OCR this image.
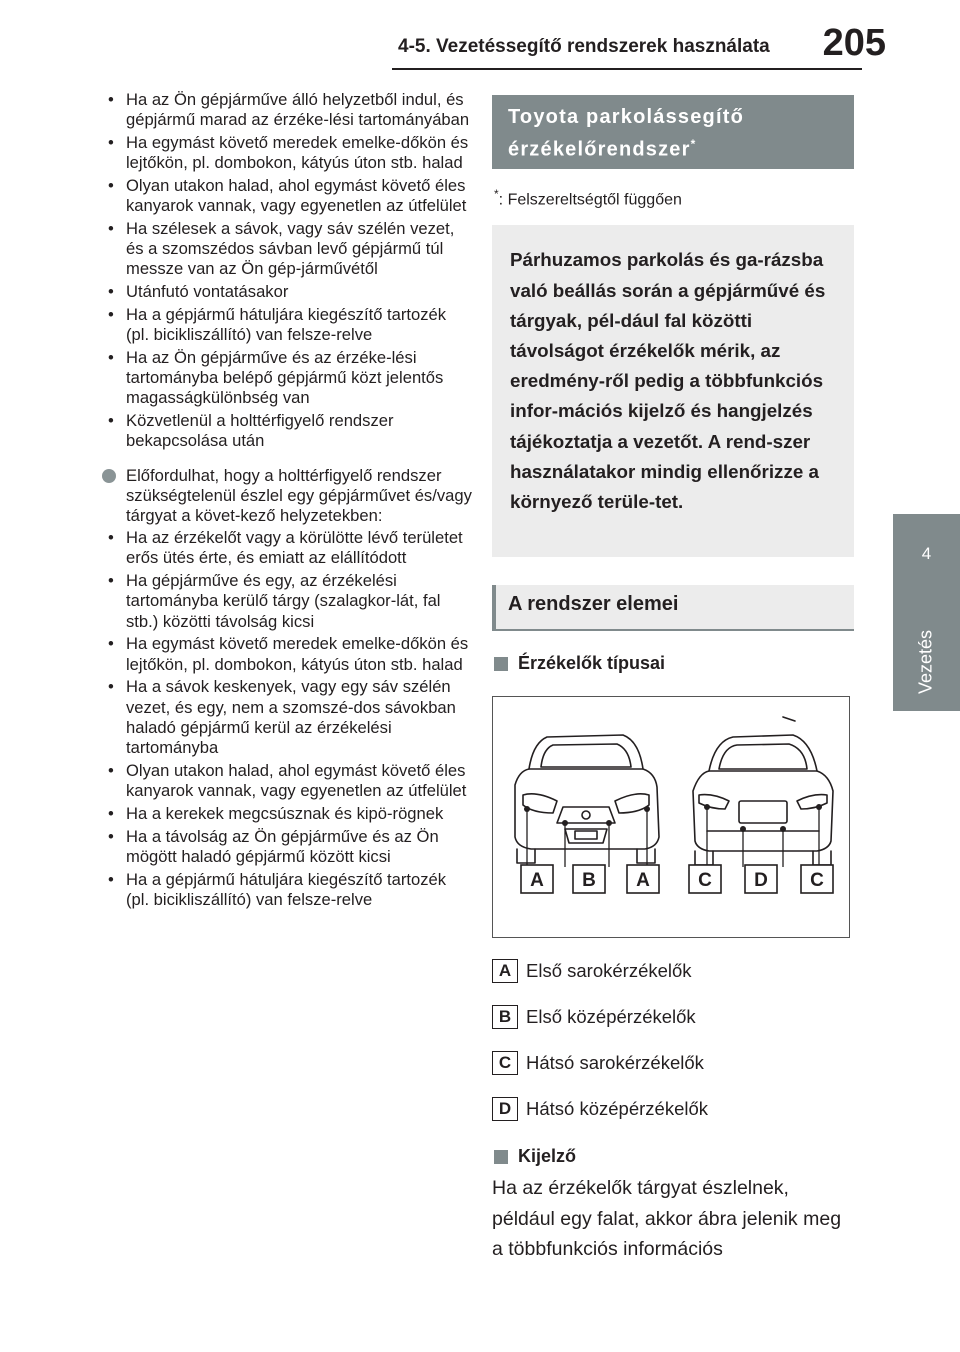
4-5. Vezetéssegítő rendszerek használata	205
4
Vezetés
• Ha az Ön gépjárműve álló helyzetből indul, és gépjármű marad az érzéke-lési tartományában
• Ha egymást követő meredek emelke-dőkön és lejtőkön, pl. dombokon, kátyús úton stb. halad
• Olyan utakon halad, ahol egymást követő éles kanyarok vannak, vagy egyenetlen az útfelület
• Ha szélesek a sávok, vagy sáv szélén vezet, és a szomszédos sávban levő gépjármű túl messze van az Ön gép-járművétől
• Utánfutó vontatásakor
• Ha a gépjármű hátuljára kiegészítő tartozék (pl. bicikliszállító) van felsze-relve
• Ha az Ön gépjárműve és az érzéke-lési tartományba belépő gépjármű közt jelentős magasságkülönbség van
• Közvetlenül a holttérfigyelő rendszer bekapcsolása után
Előfordulhat, hogy a holttérfigyelő rendszer szükségtelenül észlel egy gépjárművet és/vagy tárgyat a követ-kező helyzetekben:
• Ha az érzékelőt vagy a körülötte lévő területet erős ütés érte, és emiatt az elállítódott
• Ha gépjárműve és egy, az érzékelési tartományba kerülő tárgy (szalagkor-lát, fal stb.) közötti távolság kicsi
• Ha egymást követő meredek emelke-dőkön és lejtőkön, pl. dombokon, kátyús úton stb. halad
• Ha a sávok keskenyek, vagy egy sáv szélén vezet, és egy, nem a szomszé-dos sávokban haladó gépjármű kerül az érzékelési tartományba
• Olyan utakon halad, ahol egymást követő éles kanyarok vannak, vagy egyenetlen az útfelület
• Ha a kerekek megcsúsznak és kipö-rögnek
• Ha a távolság az Ön gépjárműve és az Ön mögött haladó gépjármű között kicsi
• Ha a gépjármű hátuljára kiegészítő tartozék (pl. bicikliszállító) van felsze-relve
Toyota parkolássegítő
érzékelőrendszer*
*: Felszereltségtől függően
Párhuzamos parkolás és ga-rázsba való beállás során a gépjárművé és tárgyak, pél-dául fal közötti távolságot érzékelők mérik, az eredmény-ről pedig a többfunkciós infor-mációs kijelző és hangjelzés tájékoztatja a vezetőt. A rend-szer használatakor mindig ellenőrizze a környező terüle-tet.
A rendszer elemei
Érzékelők típusai
A B A	C D C
A Első sarokérzékelők
B Első középérzékelők
C Hátsó sarokérzékelők
D Hátsó középérzékelők
Kijelző
Ha az érzékelők tárgyat észlelnek, például egy falat, akkor ábra jelenik meg a többfunkciós információs
